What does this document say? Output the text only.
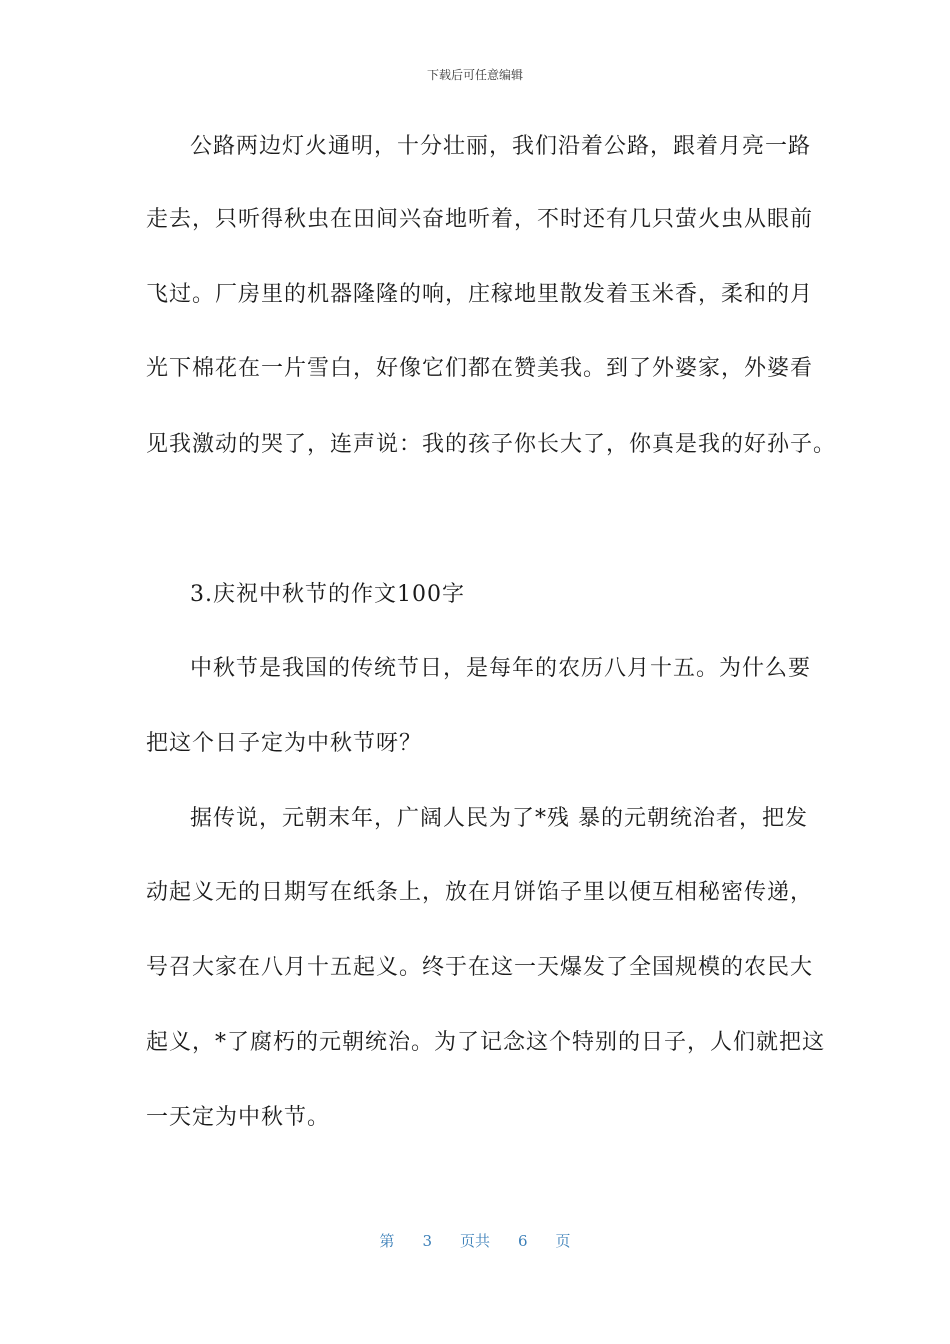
下载后可任意编辑
公路两边灯火通明，十分壮丽，我们沿着公路，跟着月亮一路
走去，只听得秋虫在田间兴奋地听着，不时还有几只萤火虫从眼前
飞过。厂房里的机器隆隆的响，庄稼地里散发着玉米香，柔和的月
光下棉花在一片雪白，好像它们都在赞美我。到了外婆家，外婆看
见我激动的哭了，连声说：我的孩子你长大了，你真是我的好孙子。
3.庆祝中秋节的作文100字
中秋节是我国的传统节日，是每年的农历八月十五。为什么要
把这个日子定为中秋节呀？
据传说，元朝末年，广阔人民为了*残 暴的元朝统治者，把发
动起义无的日期写在纸条上，放在月饼馅子里以便互相秘密传递，
号召大家在八月十五起义。终于在这一天爆发了全国规模的农民大
起义，*了腐朽的元朝统治。为了记念这个特别的日子，人们就把这
一天定为中秋节。
第 3 页共 6 页
